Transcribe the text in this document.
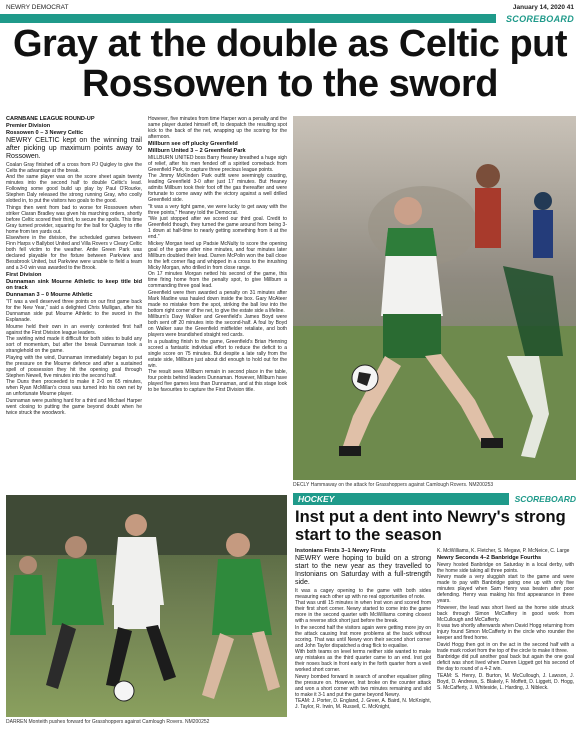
NEWRY DEMOCRAT	January 14, 2020 41
SCOREBOARD
Gray at the double as Celtic put Rossowen to the sword

CARNBANE LEAGUE ROUND-UP

Premier Division

Rossowen 0 – 3 Newry Celtic

NEWRY CELTIC kept on the winning trail after picking up maximum points away to Rossowen.

Coalan Gray finished off a cross from PJ Quigley to give the Celts the advantage at the break.

And the same player was on the score sheet again twenty minutes into the second half to double Celtic's lead. Following some good build up play by Paul O'Rourke, Stephen Daly released the strong running Gray, who coolly slotted in, to put the visitors two goals to the good.

Things then went from bad to worse for Rossowen when striker Ciaran Bradley was given his marching orders, shortly before Celtic scored their third, to secure the spoils. This time Gray turned provider, squaring for the ball for Quigley to rifle home from ten yards out.

Elsewhere in the division, the scheduled games between Finn Harps v Ballybot United and Villa Rovers v Cleary Celtic both fell victim to the weather. Antie Green Park was declared playable for the fixture between Parkview and Bessbrook United, but Parkview were unable to field a team and a 3-0 win was awarded to the Brook.

First Division

Dunnaman sink Mourne Athletic to keep title bid on track

Dunnaman 3 – 0 Mourne Athletic

"IT was a well deserved three points on our first game back for the New Year," said a delighted Chris Mulligan, after his Dunnaman side put Mourne Athletic to the sword in the Esplanade.

Mourne held their own in an evenly contested first half against the First Division league leaders.

The swirling wind made it difficult for both sides to build any sort of momentum, but after the break Dunnaman took a stranglehold on the game.

Playing with the wind, Dunnaman immediately began to put the pressure on the Mourne defence and after a sustained spell of possession they hit the opening goal through Stephen Newell, five minutes into the second half.

The Duns then proceeded to make it 2-0 on 65 minutes, when Ryan McMillan's cross was turned into his own net by an unfortunate Mourne player.

Dunnaman were pushing hard for a third and Michael Harper went closing to putting the game beyond doubt when he twice struck the woodwork.

However, five minutes from time Harper won a penalty and the same player dusted himself off, to despatch the resulting spot kick to the back of the net, wrapping up the scoring for the afternoon.

Millburn see off plucky Greenfield

Millburn United 3 – 2 Greenfield Park

MILLBURN UNITED boss Barry Heaney breathed a huge sigh of relief, after his men fended off a spirited comeback from Greenfield Park, to capture three precious league points.

The Jimmy McKinden Park outfit were seemingly coasting, leading Greenfield 3-0 after just 17 minutes. But Heaney admits Millburn took their foot off the gas thereafter and were fortunate to come away with the victory against a well drilled Greenfield side.

"It was a very tight game, we were lucky to get away with the three points," Heaney told the Democrat.

"We just stopped after we scored our third goal. Credit to Greenfield though, they turned the game around from being 3-1 down at half-time to nearly getting something from it at the end."

Mickey Morgan teed up Padsie McNulty to score the opening goal of the game after nine minutes, and four minutes later Millburn doubled their lead. Darren McPolin won the ball close to the left corner flag and whipped in a cross to the inrushing Micky Morgan, who drilled in from close range.

On 17 minutes Morgan netted his second of the game, this time firing home from the penalty spot, to give Millburn a commanding three goal lead.

Greenfield were then awarded a penalty on 31 minutes after Mark Madine was hauled down inside the box. Gary McAteer made no mistake from the spot, striking the ball low into the bottom right corner of the net, to give the estate side a lifeline.

Millburn's Davy Walker and Greenfield's James Boyd were both sent off 20 minutes into the second-half. A foul by Boyd on Walker saw the Greenfield midfielder retaliate, and both players were brandished straight red cards.

In a pulsating finish to the game, Greenfield's Brian Henning scored a fantastic individual effort to reduce the deficit to a single score on 75 minutes. But despite a late rally from the estate side, Millburn just about did enough to hold out for the win.

The result sees Millburn remain in second place in the table, four points behind leaders Dunnaman. However, Millburn have played five games less than Dunnaman, and at this stage look to be favourites to capture the First Division title.

DECLY Hammaway on the attack for Grasshoppers against Camlough Rovers. NM200253
DARREN Monteith pushes forward for Grasshoppers against Camlough Rovers. NM200252
HOCKEY	SCOREBOARD
Inst put a dent into Newry's strong start to the season

Instonians Firsts 3–1 Newry Firsts

NEWRY were hoping to build on a strong start to the new year as they travelled to Instonians on Saturday with a full-strength side.

It was a cagey opening to the game with both sides measuring each other up with no real opportunities of note.

That was until 15 minutes in when Inst won and scored from their first short corner. Newry started to come into the game more in the second quarter with McWilliams coming closest with a reverse stick short just before the break.

In the second half the visitors again were getting more joy on the attack causing Inst more problems at the back without scoring. That was until Newry won their second short corner and John Taylor dispatched a drag flick to equalise.

With both teams on level terms neither side wanted to make any mistakes as the third quarter came to an end. Inst got their noses back in front early in the forth quarter from a well worked short corner.

Newry bombed forward in search of another equaliser piling the pressure on. However, Inst broke on the counter attack and won a short corner with two minutes remaining and slid to make it 3-1 and put the game beyond Newry.

TEAM: J. Porter, D. England, J. Greer, A. Baird, N. McKnight, J. Taylor, R. Irwin, M. Russell, C. McKnight,

K. McWilliams, K. Fletcher, S. Megaw, P. McNeice, C. Large

Newry Seconds 4–2 Banbridge Fourths

Newry hosted Banbridge on Saturday in a local derby, with the home side taking all three points.

Newry made a very sluggish start to the game and were made to pay with Banbridge going one up with only five minutes played when Sam Henry was beaten after poor defending. Henry was making his first appearance in three years.

However, the lead was short lived as the home side struck back through Simon McCaffery in good work from McCullough and McCafferty.

It was two shortly afterwards when David Hogg returning from injury found Simon McCafferty in the circle who rounder the keeper and fired home.

David Hogg then got in on the act in the second half with a trade mark rocket from the top of the circle to make it three.

Banbridge did pull another goal back but again the one goal deficit was short lived when Darren Liggett got his second of the day to round of a 4-2 win.

TEAM: S. Henry, D. Burton, M. McCullough, J. Lawson, J. Boyd, D. Andrews, S. Blakely, F. Moffett, D. Liggett, D. Hogg, S. McCafferty, J. Whiteside, L. Harding, J. Nibleck.
